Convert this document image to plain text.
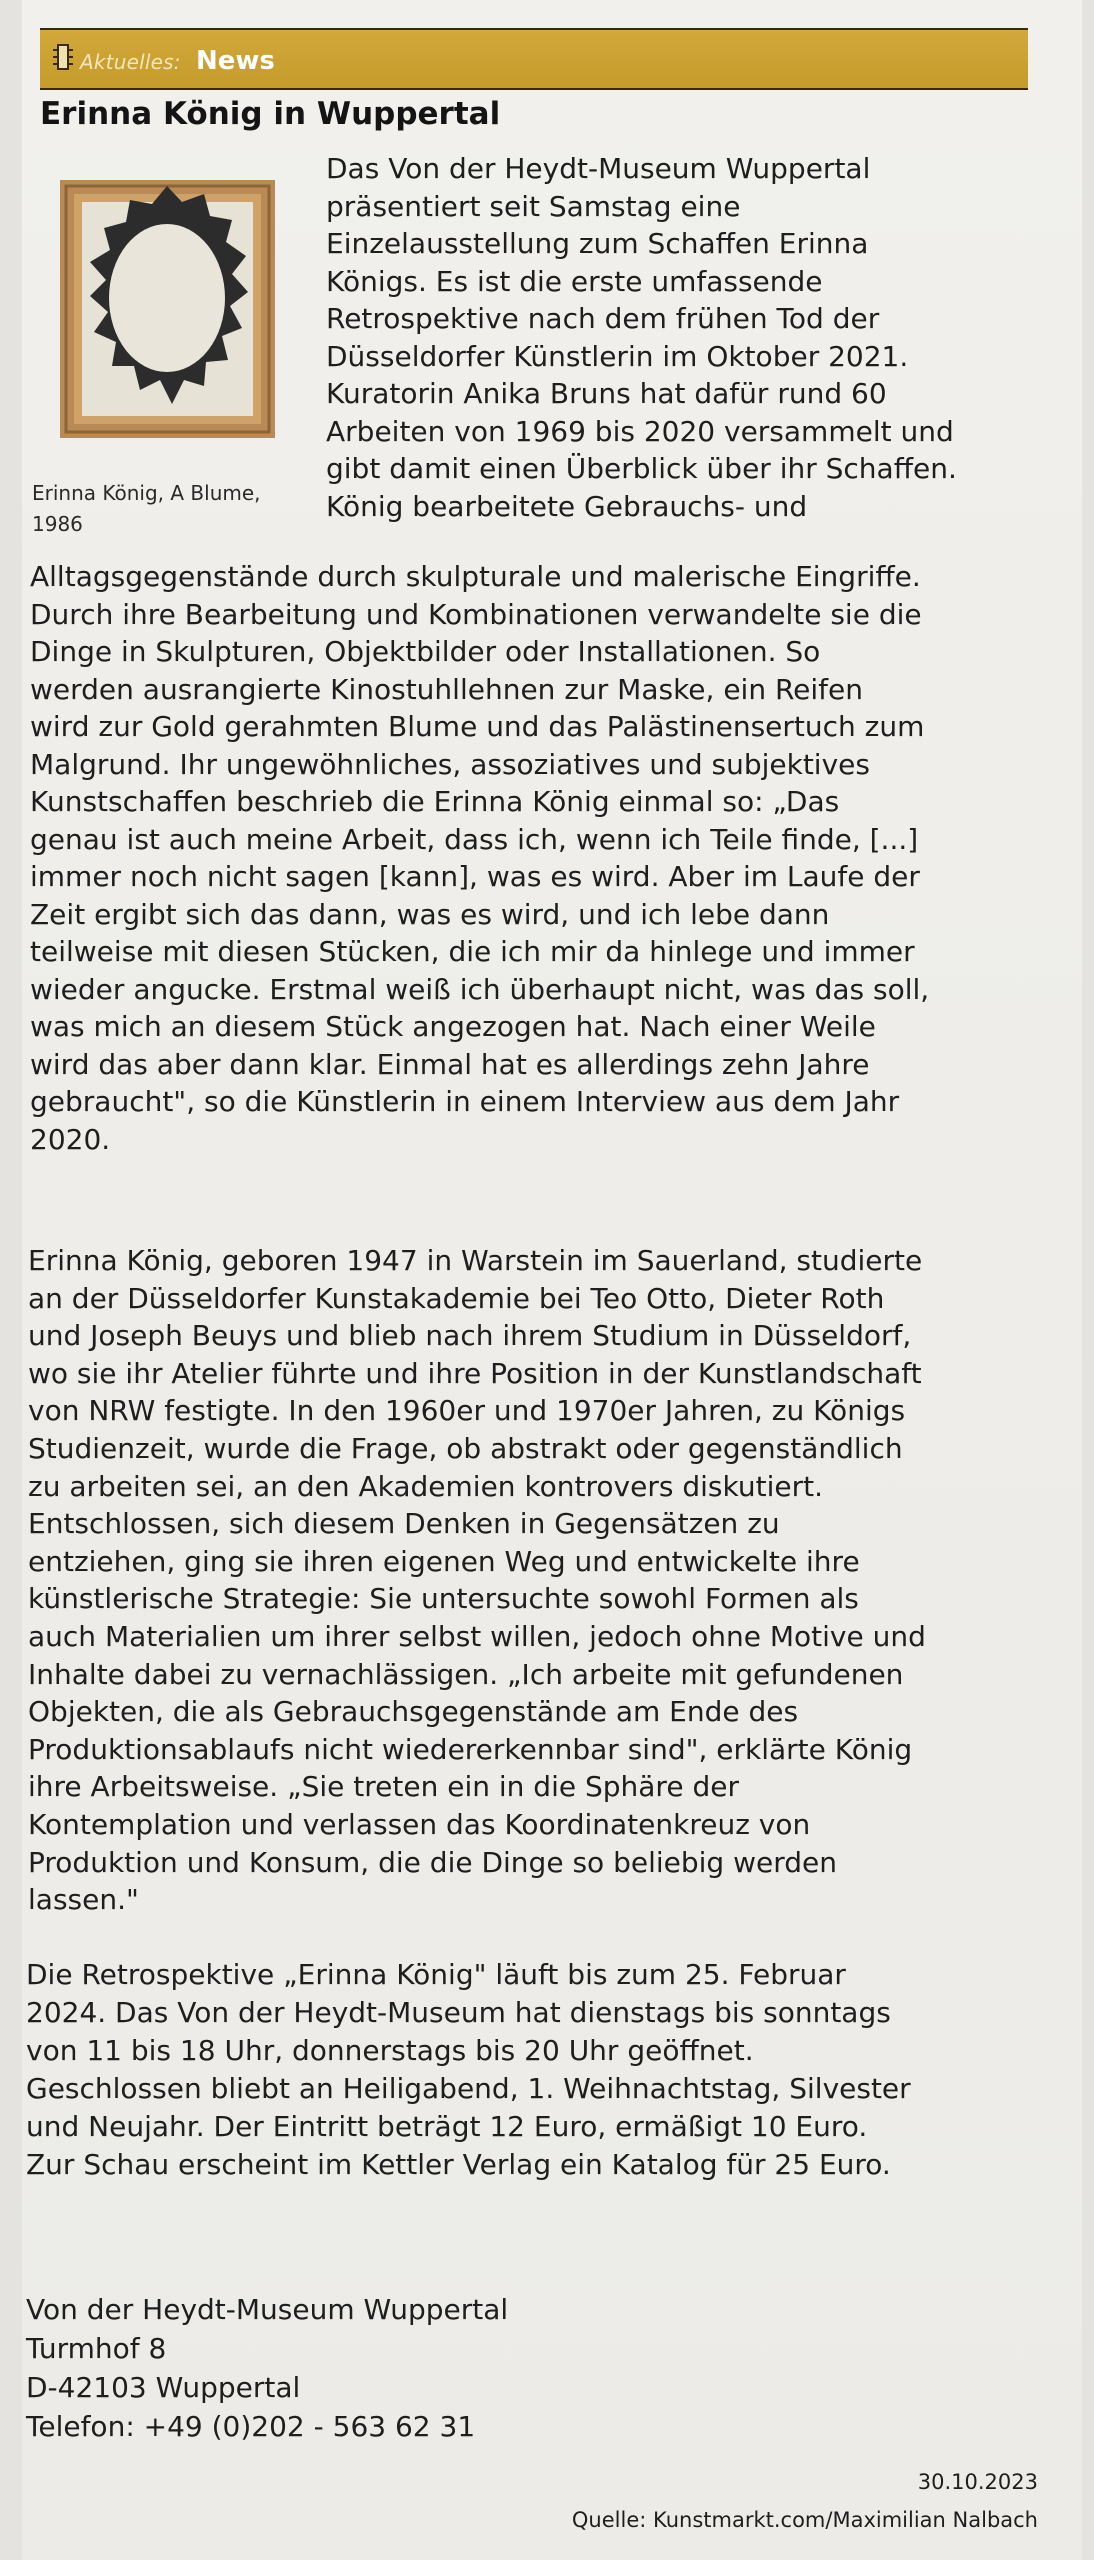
Aktuelles: News
Erinna König in Wuppertal

Erinna König, A Blume,
1986

Das Von der Heydt-Museum Wuppertal
präsentiert seit Samstag eine
Einzelausstellung zum Schaffen Erinna
Königs. Es ist die erste umfassende
Retrospektive nach dem frühen Tod der
Düsseldorfer Künstlerin im Oktober 2021.
Kuratorin Anika Bruns hat dafür rund 60
Arbeiten von 1969 bis 2020 versammelt und
gibt damit einen Überblick über ihr Schaffen.
König bearbeitete Gebrauchs- und

Alltagsgegenstände durch skulpturale und malerische Eingriffe.
Durch ihre Bearbeitung und Kombinationen verwandelte sie die
Dinge in Skulpturen, Objektbilder oder Installationen. So
werden ausrangierte Kinostuhllehnen zur Maske, ein Reifen
wird zur Gold gerahmten Blume und das Palästinensertuch zum
Malgrund. Ihr ungewöhnliches, assoziatives und subjektives
Kunstschaffen beschrieb die Erinna König einmal so: „Das
genau ist auch meine Arbeit, dass ich, wenn ich Teile finde, [...]
immer noch nicht sagen [kann], was es wird. Aber im Laufe der
Zeit ergibt sich das dann, was es wird, und ich lebe dann
teilweise mit diesen Stücken, die ich mir da hinlege und immer
wieder angucke. Erstmal weiß ich überhaupt nicht, was das soll,
was mich an diesem Stück angezogen hat. Nach einer Weile
wird das aber dann klar. Einmal hat es allerdings zehn Jahre
gebraucht", so die Künstlerin in einem Interview aus dem Jahr
2020.

Erinna König, geboren 1947 in Warstein im Sauerland, studierte
an der Düsseldorfer Kunstakademie bei Teo Otto, Dieter Roth
und Joseph Beuys und blieb nach ihrem Studium in Düsseldorf,
wo sie ihr Atelier führte und ihre Position in der Kunstlandschaft
von NRW festigte. In den 1960er und 1970er Jahren, zu Königs
Studienzeit, wurde die Frage, ob abstrakt oder gegenständlich
zu arbeiten sei, an den Akademien kontrovers diskutiert.
Entschlossen, sich diesem Denken in Gegensätzen zu
entziehen, ging sie ihren eigenen Weg und entwickelte ihre
künstlerische Strategie: Sie untersuchte sowohl Formen als
auch Materialien um ihrer selbst willen, jedoch ohne Motive und
Inhalte dabei zu vernachlässigen. „Ich arbeite mit gefundenen
Objekten, die als Gebrauchsgegenstände am Ende des
Produktionsablaufs nicht wiedererkennbar sind", erklärte König
ihre Arbeitsweise. „Sie treten ein in die Sphäre der
Kontemplation und verlassen das Koordinatenkreuz von
Produktion und Konsum, die die Dinge so beliebig werden
lassen."

Die Retrospektive „Erinna König" läuft bis zum 25. Februar
2024. Das Von der Heydt-Museum hat dienstags bis sonntags
von 11 bis 18 Uhr, donnerstags bis 20 Uhr geöffnet.
Geschlossen bliebt an Heiligabend, 1. Weihnachtstag, Silvester
und Neujahr. Der Eintritt beträgt 12 Euro, ermäßigt 10 Euro.
Zur Schau erscheint im Kettler Verlag ein Katalog für 25 Euro.

Von der Heydt-Museum Wuppertal
Turmhof 8
D-42103 Wuppertal
Telefon: +49 (0)202 - 563 62 31
30.10.2023
Quelle: Kunstmarkt.com/Maximilian Nalbach
